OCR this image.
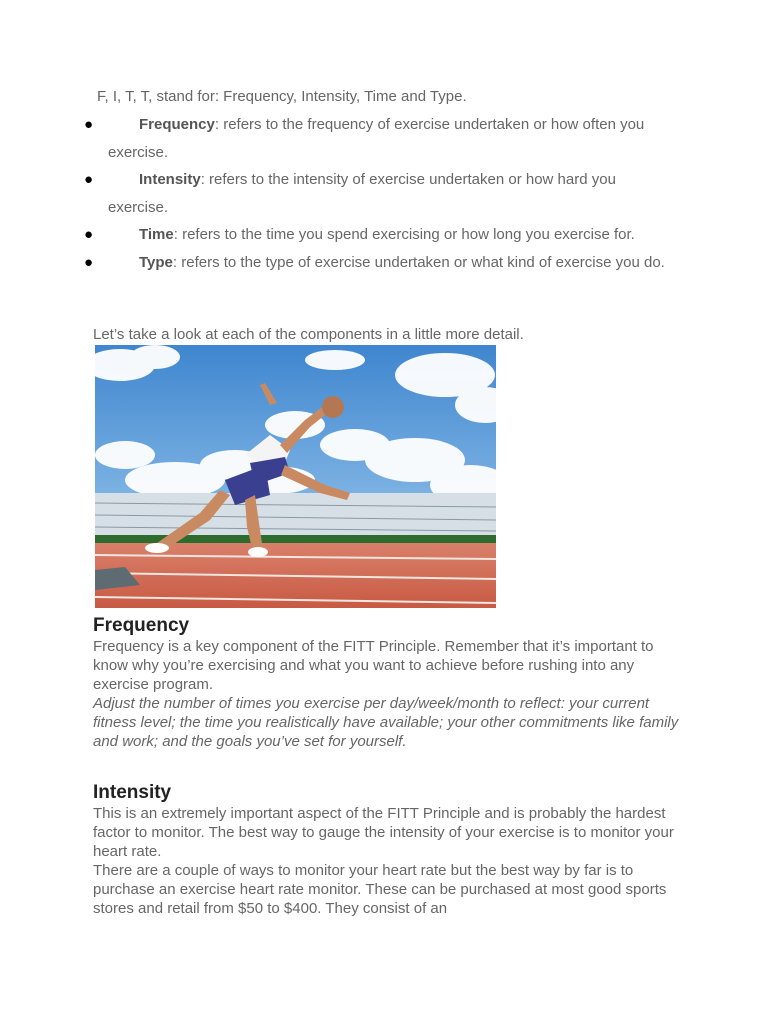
F, I, T, T, stand for: Frequency, Intensity, Time and Type.

●	Frequency: refers to the frequency of exercise undertaken or how often you exercise.
●	Intensity: refers to the intensity of exercise undertaken or how hard you exercise.
●	Time: refers to the time you spend exercising or how long you exercise for.
●	Type: refers to the type of exercise undertaken or what kind of exercise you do.

Let’s take a look at each of the components in a little more detail.

Frequency

Frequency is a key component of the FITT Principle. Remember that it’s important to know why you’re exercising and what you want to achieve before rushing into any exercise program.

Adjust the number of times you exercise per day/week/month to reflect: your current fitness level; the time you realistically have available; your other commitments like family and work; and the goals you’ve set for yourself.

Intensity

This is an extremely important aspect of the FITT Principle and is probably the hardest factor to monitor. The best way to gauge the intensity of your exercise is to monitor your heart rate.

There are a couple of ways to monitor your heart rate but the best way by far is to purchase an exercise heart rate monitor. These can be purchased at most good sports stores and retail from $50 to $400. They consist of an
